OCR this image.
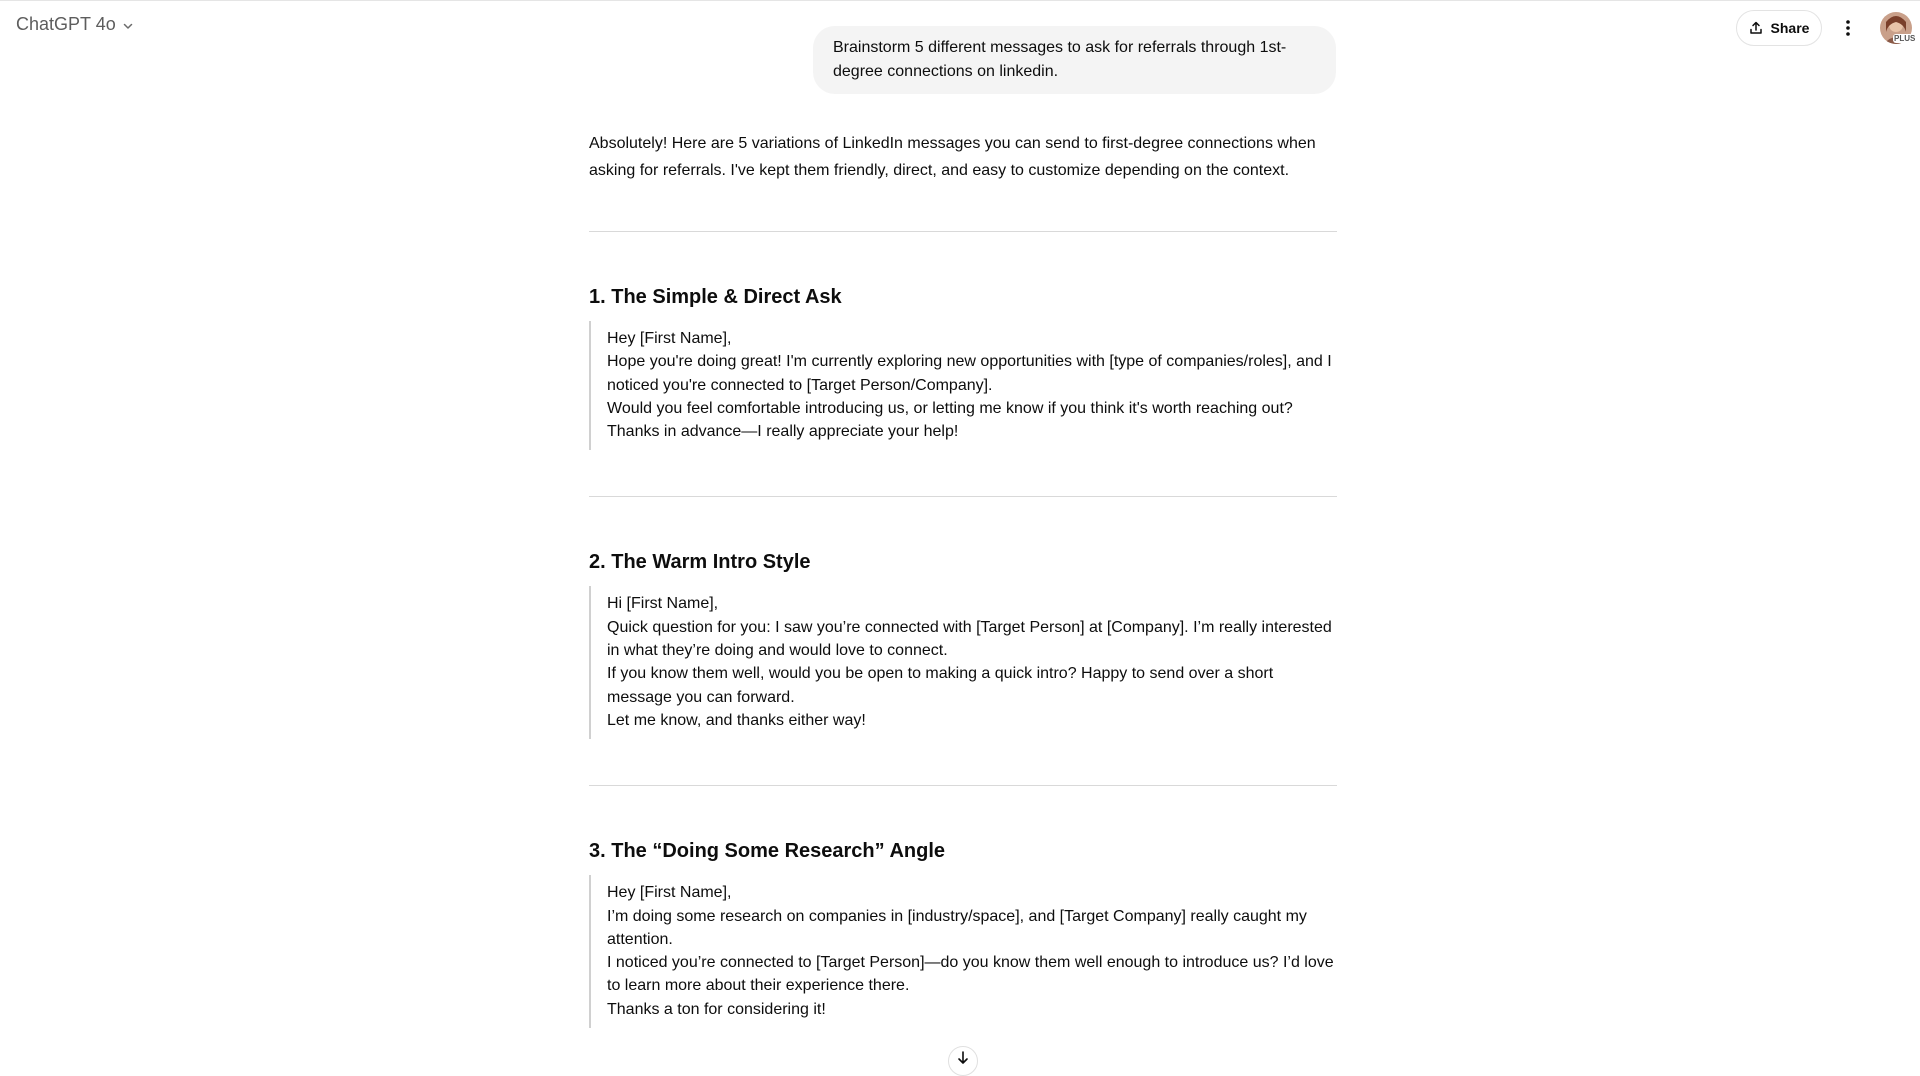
ChatGPT 4o	Share
PLUS
Brainstorm 5 different messages to ask for referrals through 1st-degree connections on linkedin.

Absolutely! Here are 5 variations of LinkedIn messages you can send to first-degree connections when asking for referrals. I've kept them friendly, direct, and easy to customize depending on the context.

1. The Simple & Direct Ask

Hey [First Name],

Hope you're doing great! I'm currently exploring new opportunities with [type of companies/roles], and I noticed you're connected to [Target Person/Company].

Would you feel comfortable introducing us, or letting me know if you think it's worth reaching out?

Thanks in advance—I really appreciate your help!

2. The Warm Intro Style

Hi [First Name],

Quick question for you: I saw you’re connected with [Target Person] at [Company]. I’m really interested in what they’re doing and would love to connect.

If you know them well, would you be open to making a quick intro? Happy to send over a short message you can forward.

Let me know, and thanks either way!

3. The “Doing Some Research” Angle

Hey [First Name],

I’m doing some research on companies in [industry/space], and [Target Company] really caught my attention.

I noticed you’re connected to [Target Person]—do you know them well enough to introduce us? I’d love to learn more about their experience there.

Thanks a ton for considering it!
